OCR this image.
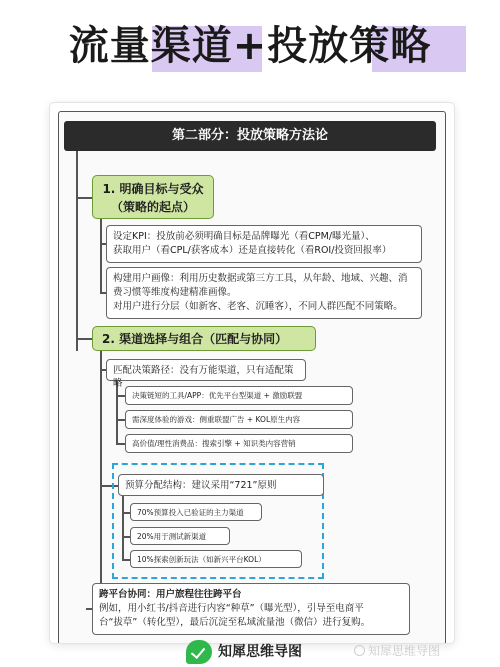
流量渠道+投放策略
第二部分：投放策略方法论
1. 明确目标与受众
（策略的起点）
设定KPI：投放前必须明确目标是品牌曝光（看CPM/曝光量）、
获取用户（看CPL/获客成本）还是直接转化（看ROI/投资回报率）
构建用户画像：利用历史数据或第三方工具，从年龄、地域、兴趣、消
费习惯等维度构建精准画像。
对用户进行分层（如新客、老客、沉睡客），不同人群匹配不同策略。
2. 渠道选择与组合（匹配与协同）
匹配决策路径：没有万能渠道，只有适配策略
决策链短的工具/APP：优先平台型渠道 + 激励联盟
需深度体验的游戏：侧重联盟广告 + KOL原生内容
高价值/理性消费品：搜索引擎 + 知识类内容营销
预算分配结构：建议采用“721”原则
70%预算投入已验证的主力渠道
20%用于测试新渠道
10%探索创新玩法（如新兴平台KOL）
跨平台协同：用户旅程往往跨平台
例如，用小红书/抖音进行内容“种草”（曝光型），引导至电商平
台“拔草”（转化型），最后沉淀至私域流量池（微信）进行复购。
知犀思维导图	知犀思维导图
